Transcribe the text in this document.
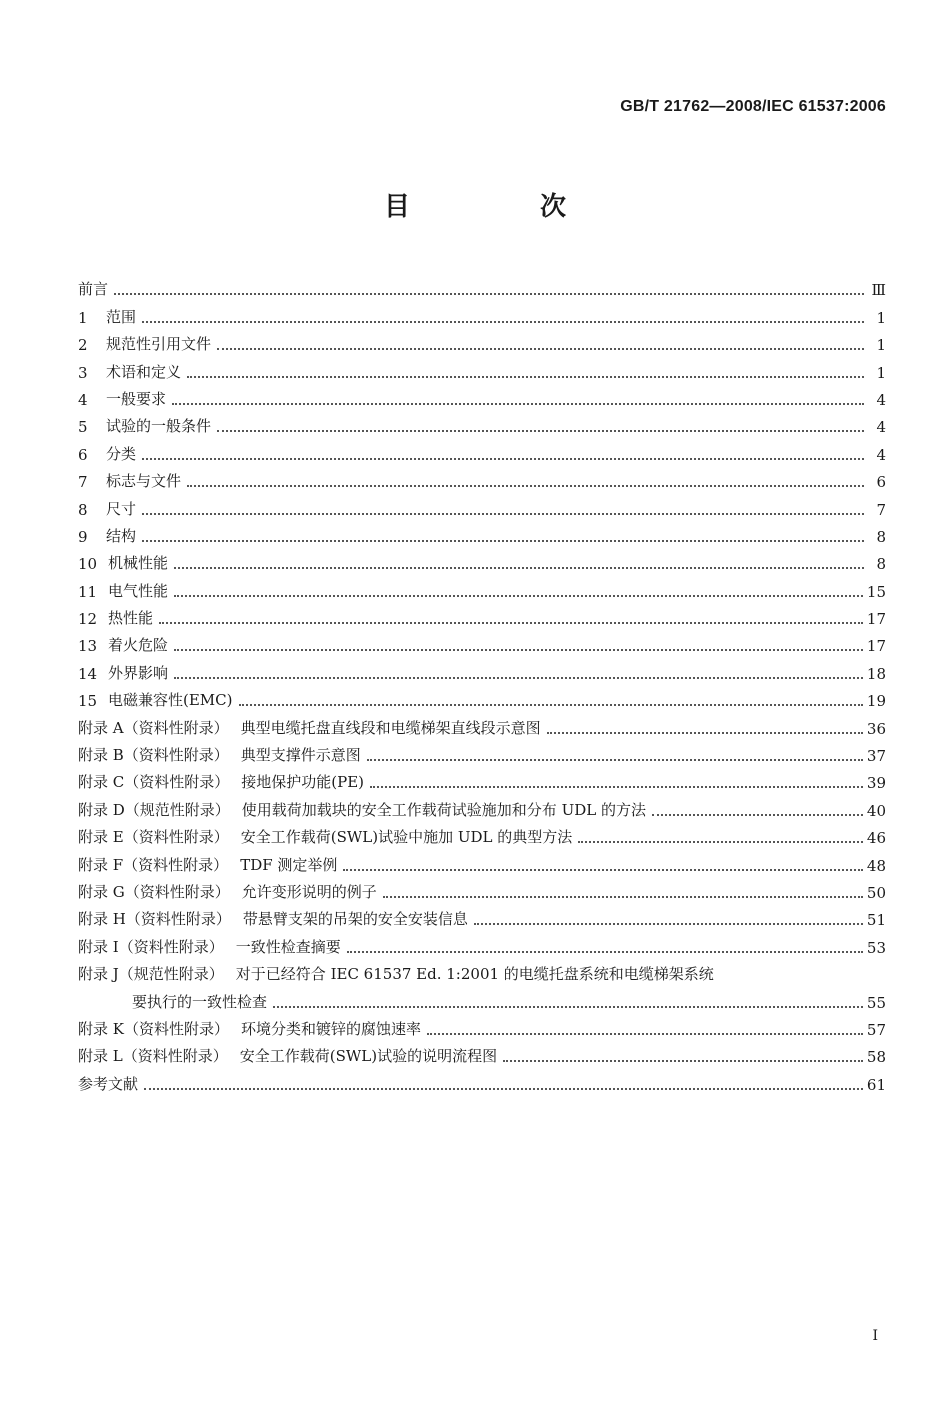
GB/T 21762—2008/IEC 61537:2006
目　次
前言	Ⅲ
1	范围	1
2	规范性引用文件	1
3	术语和定义	1
4	一般要求	4
5	试验的一般条件	4
6	分类	4
7	标志与文件	6
8	尺寸	7
9	结构	8
10 机械性能	8
11 电气性能	15
12 热性能	17
13 着火危险	17
14 外界影响	18
15 电磁兼容性(EMC)	19
附录 A（资料性附录） 典型电缆托盘直线段和电缆梯架直线段示意图	36
附录 B（资料性附录） 典型支撑件示意图	37
附录 C（资料性附录） 接地保护功能(PE)	39
附录 D（规范性附录） 使用载荷加载块的安全工作载荷试验施加和分布 UDL 的方法	40
附录 E（资料性附录） 安全工作载荷(SWL)试验中施加 UDL 的典型方法	46
附录 F（资料性附录） TDF 测定举例	48
附录 G（资料性附录） 允许变形说明的例子	50
附录 H（资料性附录） 带悬臂支架的吊架的安全安装信息	51
附录 I（资料性附录） 一致性检查摘要	53
附录 J（规范性附录） 对于已经符合 IEC 61537 Ed. 1:2001 的电缆托盘系统和电缆梯架系统
要执行的一致性检查	55
附录 K（资料性附录） 环境分类和镀锌的腐蚀速率	57
附录 L（资料性附录） 安全工作载荷(SWL)试验的说明流程图	58
参考文献	61
Ⅰ
